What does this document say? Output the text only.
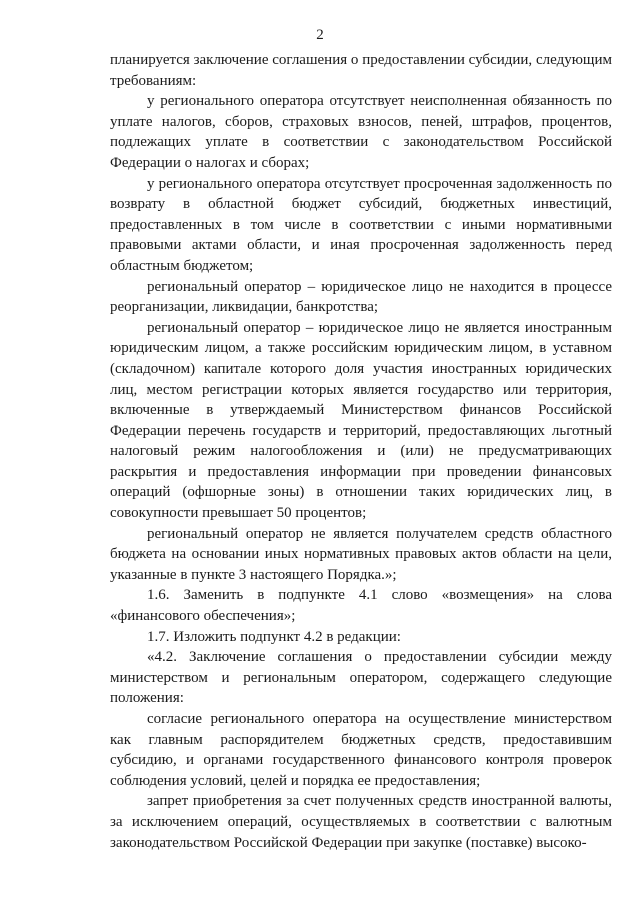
2

планируется заключение соглашения о предоставлении субсидии, следующим требованиям:

у регионального оператора отсутствует неисполненная обязанность по уплате налогов, сборов, страховых взносов, пеней, штрафов, процентов, подлежащих уплате в соответствии с законодательством Российской Федерации о налогах и сборах;

у регионального оператора отсутствует просроченная задолженность по возврату в областной бюджет субсидий, бюджетных инвестиций, предоставленных в том числе в соответствии с иными нормативными правовыми актами области, и иная просроченная задолженность перед областным бюджетом;

региональный оператор – юридическое лицо не находится в процессе реорганизации, ликвидации, банкротства;

региональный оператор – юридическое лицо не является иностранным юридическим лицом, а также российским юридическим лицом, в уставном (складочном) капитале которого доля участия иностранных юридических лиц, местом регистрации которых является государство или территория, включенные в утверждаемый Министерством финансов Российской Федерации перечень государств и территорий, предоставляющих льготный налоговый режим налогообложения и (или) не предусматривающих раскрытия и предоставления информации при проведении финансовых операций (офшорные зоны) в отношении таких юридических лиц, в совокупности превышает 50 процентов;

региональный оператор не является получателем средств областного бюджета на основании иных нормативных правовых актов области на цели, указанные в пункте 3 настоящего Порядка.»;

1.6. Заменить в подпункте 4.1 слово «возмещения» на слова «финансового обеспечения»;

1.7. Изложить подпункт 4.2 в редакции:

«4.2. Заключение соглашения о предоставлении субсидии между министерством и региональным оператором, содержащего следующие положения:

согласие регионального оператора на осуществление министерством как главным распорядителем бюджетных средств, предоставившим субсидию, и органами государственного финансового контроля проверок соблюдения условий, целей и порядка ее предоставления;

запрет приобретения за счет полученных средств иностранной валюты, за исключением операций, осуществляемых в соответствии с валютным законодательством Российской Федерации при закупке (поставке) высоко-
